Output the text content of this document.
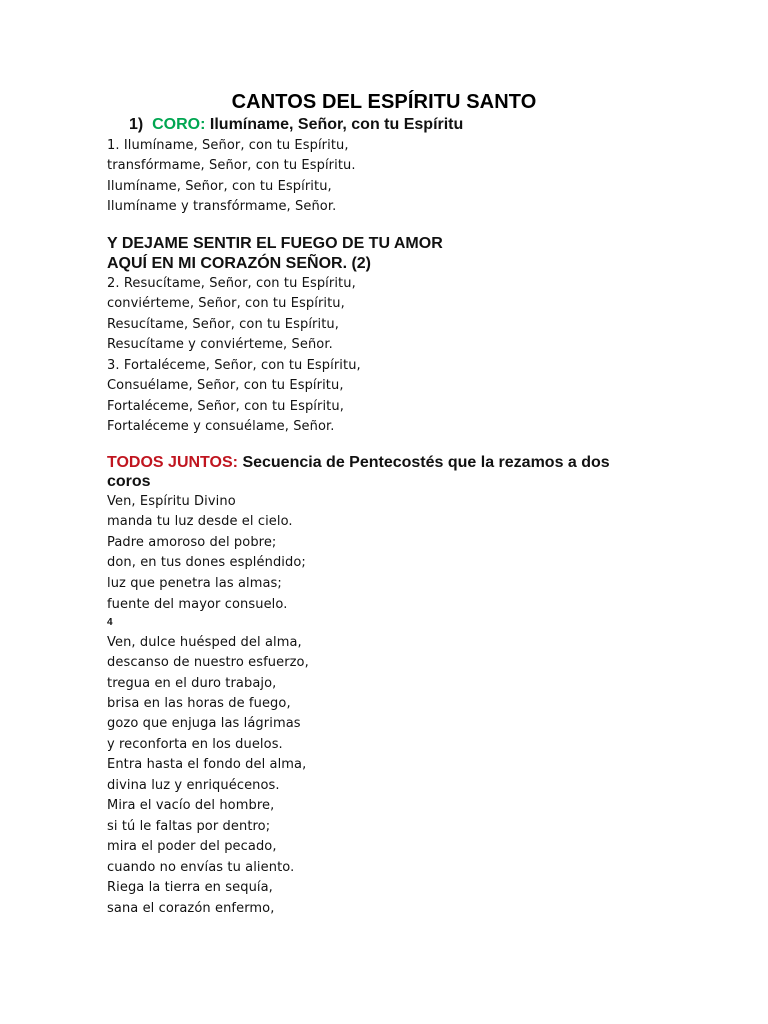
CANTOS DEL ESPÍRITU SANTO
1) CORO: Ilumíname, Señor, con tu Espíritu
1. Ilumíname, Señor, con tu Espíritu,
transfórmame, Señor, con tu Espíritu.
Ilumíname, Señor, con tu Espíritu,
Ilumíname y transfórmame, Señor.
Y DEJAME SENTIR EL FUEGO DE TU AMOR
AQUÍ EN MI CORAZÓN SEÑOR. (2)
2. Resucítame, Señor, con tu Espíritu,
conviérteme, Señor, con tu Espíritu,
Resucítame, Señor, con tu Espíritu,
Resucítame y conviérteme, Señor.
3. Fortaléceme, Señor, con tu Espíritu,
Consuélame, Señor, con tu Espíritu,
Fortaléceme, Señor, con tu Espíritu,
Fortaléceme y consuélame, Señor.
TODOS JUNTOS: Secuencia de Pentecostés que la rezamos a dos
coros
Ven, Espíritu Divino
manda tu luz desde el cielo.
Padre amoroso del pobre;
don, en tus dones espléndido;
luz que penetra las almas;
fuente del mayor consuelo.
4
Ven, dulce huésped del alma,
descanso de nuestro esfuerzo,
tregua en el duro trabajo,
brisa en las horas de fuego,
gozo que enjuga las lágrimas
y reconforta en los duelos.
Entra hasta el fondo del alma,
divina luz y enriquécenos.
Mira el vacío del hombre,
si tú le faltas por dentro;
mira el poder del pecado,
cuando no envías tu aliento.
Riega la tierra en sequía,
sana el corazón enfermo,
